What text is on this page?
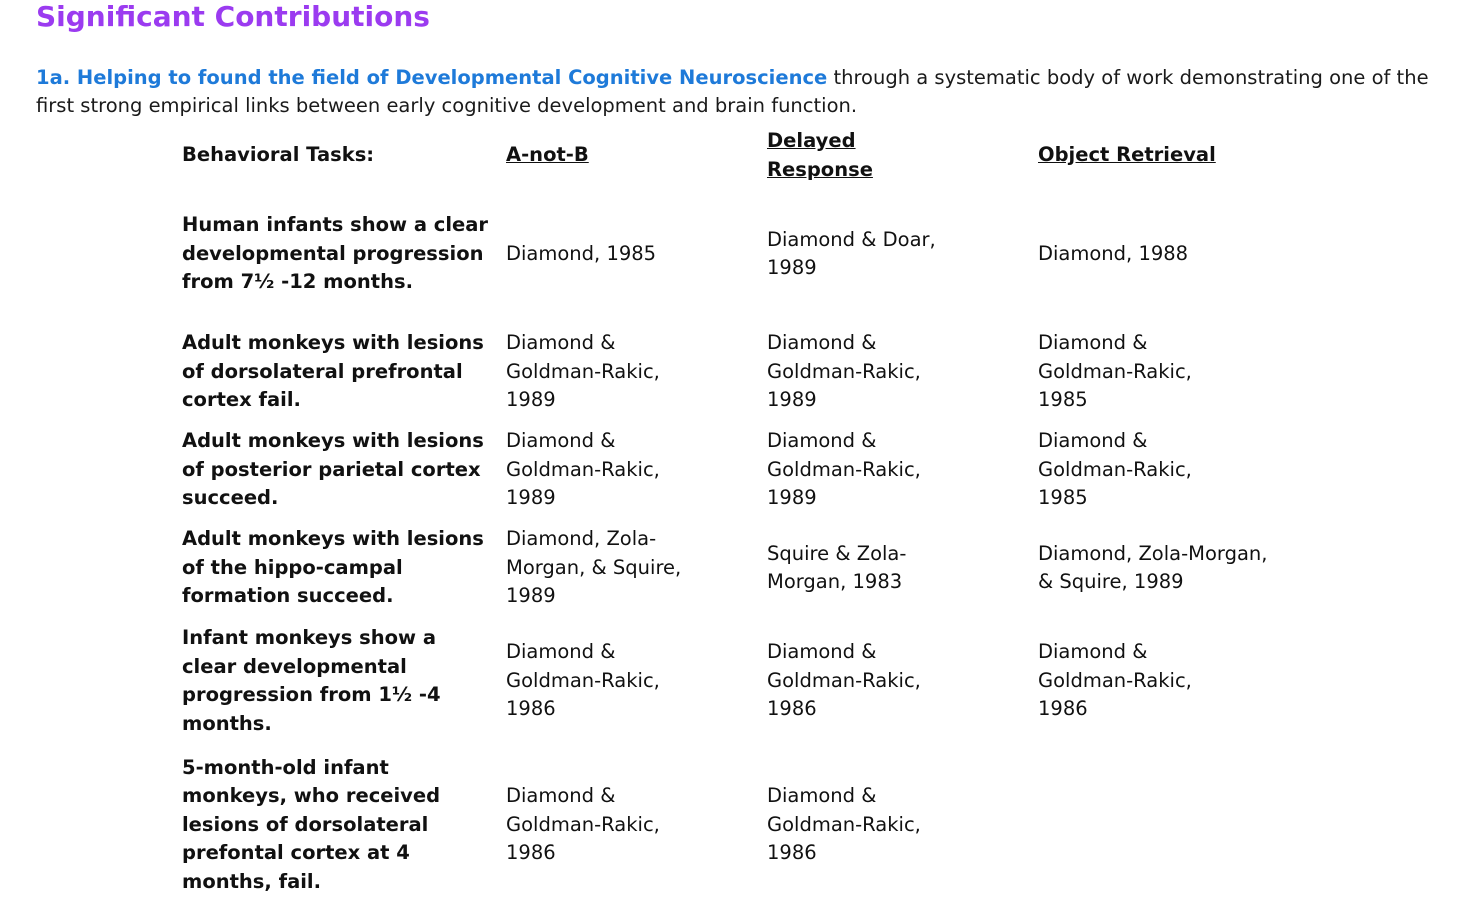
Significant Contributions

1a. Helping to found the field of Developmental Cognitive Neuroscience through a systematic body of work demonstrating one of the first strong empirical links between early cognitive development and brain function.

Behavioral Tasks:	A-not-B	Delayed Response	Object Retrieval
Human infants show a clear developmental progression from 7½ -12 months.	Diamond, 1985	Diamond & Doar, 1989	Diamond, 1988
Adult monkeys with lesions of dorsolateral prefrontal cortex fail.	Diamond & Goldman-Rakic, 1989	Diamond & Goldman-Rakic, 1989	Diamond & Goldman-Rakic, 1985
Adult monkeys with lesions of posterior parietal cortex succeed.	Diamond & Goldman-Rakic, 1989	Diamond & Goldman-Rakic, 1989	Diamond & Goldman-Rakic, 1985
Adult monkeys with lesions of the hippo-campal formation succeed.	Diamond, Zola-Morgan, & Squire, 1989	Squire & Zola-Morgan, 1983	Diamond, Zola-Morgan, & Squire, 1989
Infant monkeys show a clear developmental progression from 1½ -4 months.	Diamond & Goldman-Rakic, 1986	Diamond & Goldman-Rakic, 1986	Diamond & Goldman-Rakic, 1986
5-month-old infant monkeys, who received lesions of dorsolateral prefontal cortex at 4 months, fail.	Diamond & Goldman-Rakic, 1986	Diamond & Goldman-Rakic, 1986	
